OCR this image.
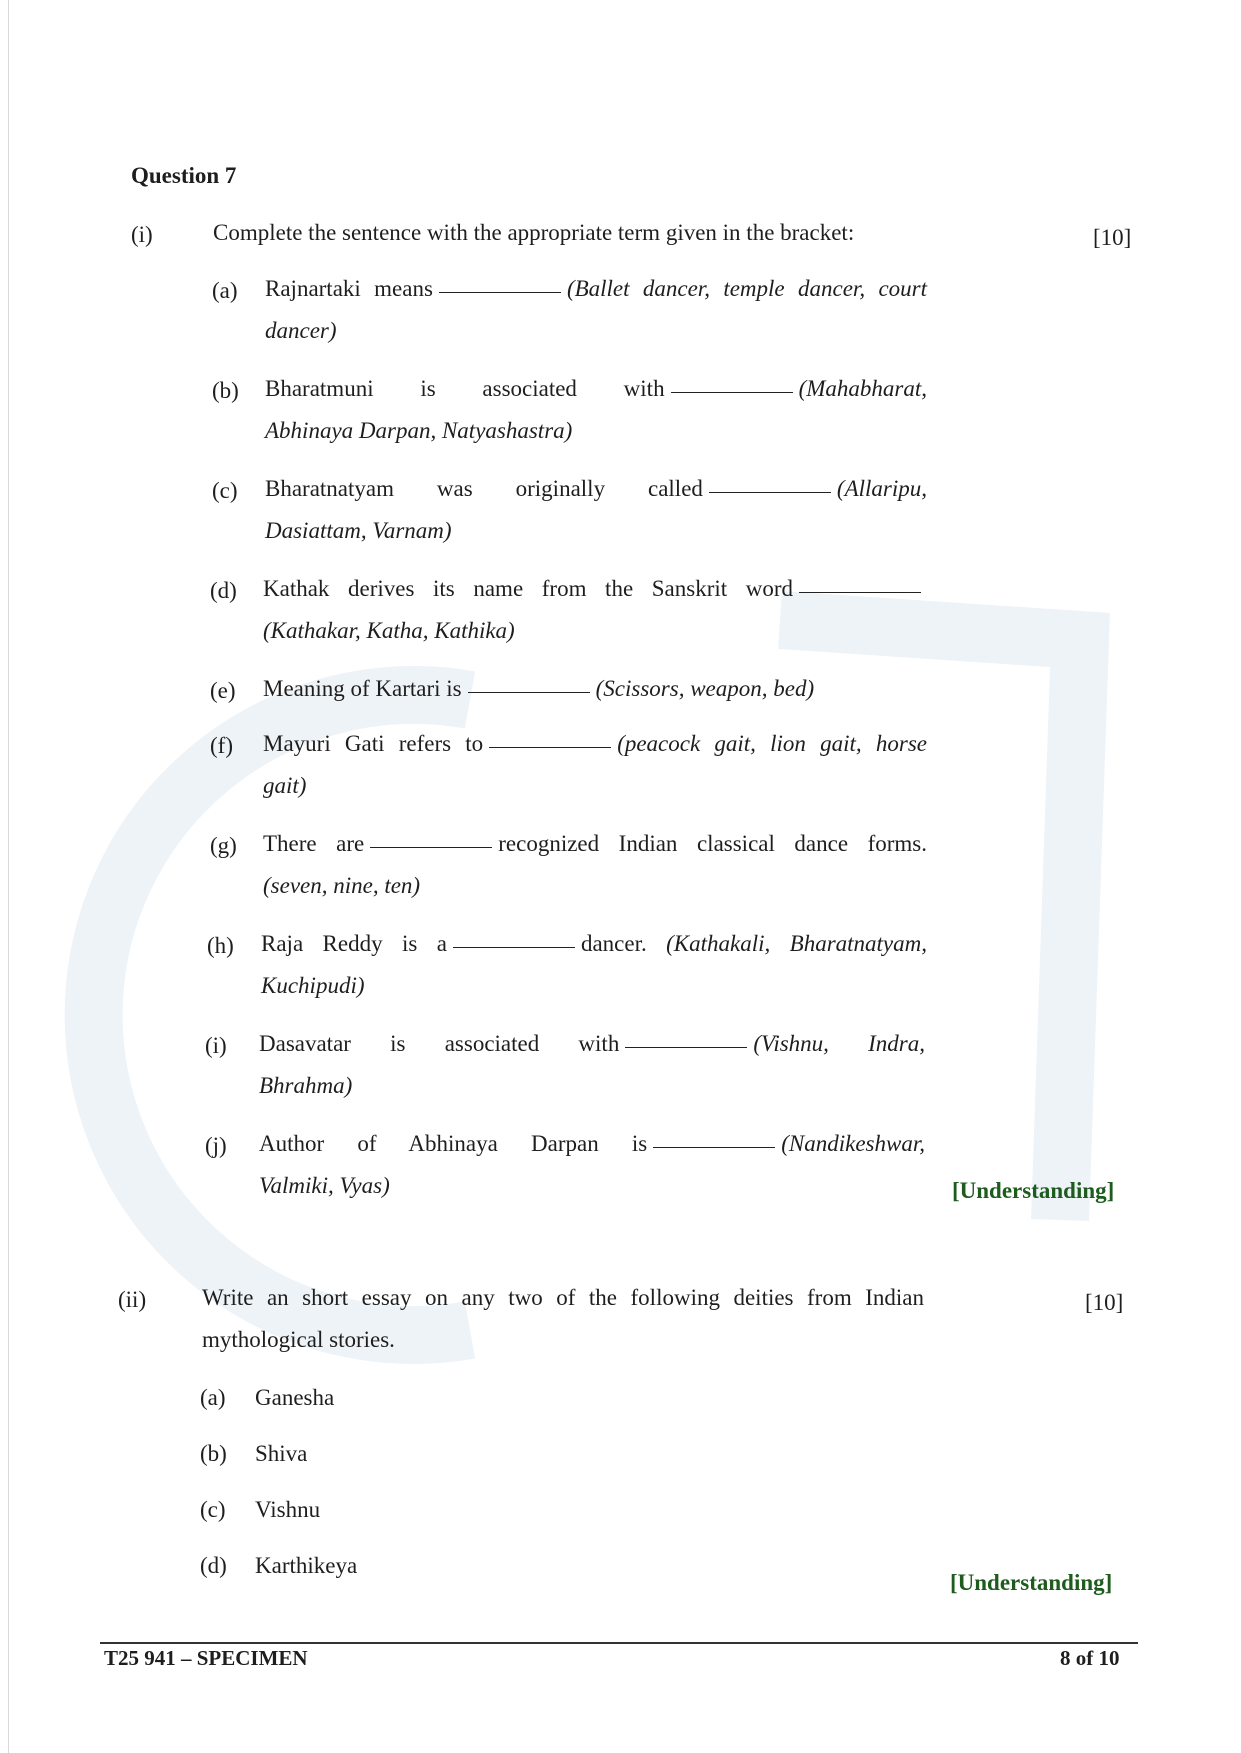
Question 7
(i)	Complete the sentence with the appropriate term given in the bracket:	[10]
(a) Rajnartaki means	(Ballet dancer, temple dancer, court
dancer)
(b) Bharatmuni is associated with	(Mahabharat,
Abhinaya Darpan, Natyashastra)
(c) Bharatnatyam was originally called	(Allaripu,
Dasiattam, Varnam)
(d) Kathak derives its name from the Sanskrit word
(Kathakar, Katha, Kathika)
(e) Meaning of Kartari is	(Scissors, weapon, bed)
(f) Mayuri Gati refers to	(peacock gait, lion gait, horse
gait)
(g) There are	recognized Indian classical dance forms.
(seven, nine, ten)
(h) Raja Reddy is a	dancer. (Kathakali, Bharatnatyam,
Kuchipudi)
(i) Dasavatar is associated with	(Vishnu, Indra,
Bhrahma)
(j) Author of Abhinaya Darpan is	(Nandikeshwar,
Valmiki, Vyas)	[Understanding]
(ii) Write an short essay on any two of the following deities from Indian
mythological stories.
[10]
(a) Ganesha
(b) Shiva
(c) Vishnu
(d) Karthikeya
[Understanding]
T25 941 – SPECIMEN	8 of 10
